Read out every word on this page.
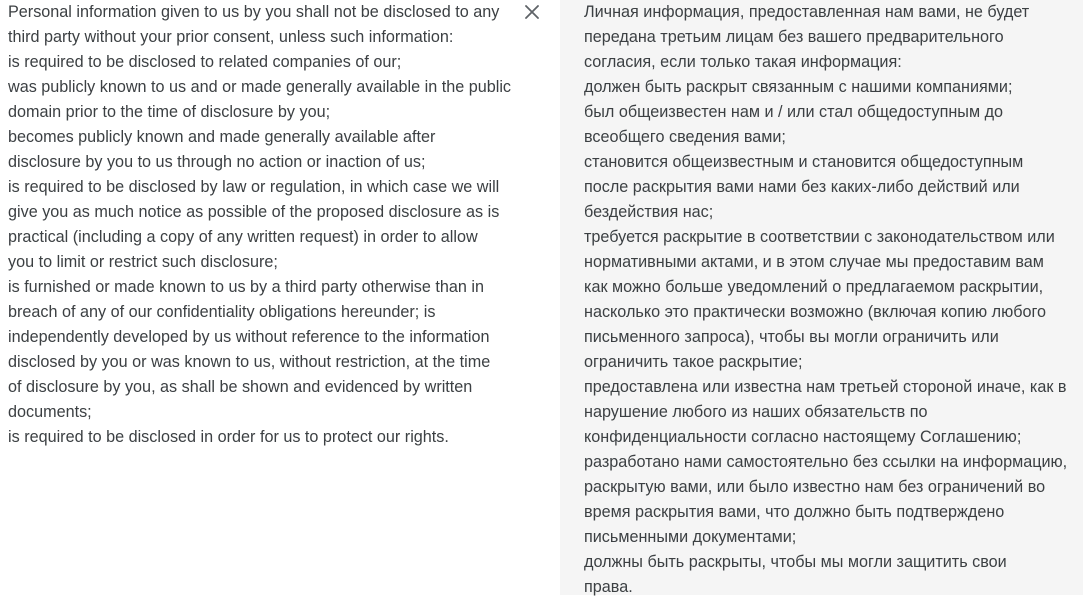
Personal information given to us by you shall not be disclosed to any third party without your prior consent, unless such information: is required to be disclosed to related companies of our; was publicly known to us and or made generally available in the public domain prior to the time of disclosure by you; becomes publicly known and made generally available after disclosure by you to us through no action or inaction of us; is required to be disclosed by law or regulation, in which case we will give you as much notice as possible of the proposed disclosure as is practical (including a copy of any written request) in order to allow you to limit or restrict such disclosure; is furnished or made known to us by a third party otherwise than in breach of any of our confidentiality obligations hereunder; is independently developed by us without reference to the information disclosed by you or was known to us, without restriction, at the time of disclosure by you, as shall be shown and evidenced by written documents; is required to be disclosed in order for us to protect our rights.
Личная информация, предоставленная нам вами, не будет
передана третьим лицам без вашего предварительного
согласия, если только такая информация:
должен быть раскрыт связанным с нашими компаниями;
был общеизвестен нам и / или стал общедоступным до
всеобщего сведения вами;
становится общеизвестным и становится общедоступным
после раскрытия вами нами без каких-либо действий или
бездействия нас;
требуется раскрытие в соответствии с законодательством или
нормативными актами, и в этом случае мы предоставим вам
как можно больше уведомлений о предлагаемом раскрытии,
насколько это практически возможно (включая копию любого
письменного запроса), чтобы вы могли ограничить или
ограничить такое раскрытие;
предоставлена или известна нам третьей стороной иначе, как в
нарушение любого из наших обязательств по
конфиденциальности согласно настоящему Соглашению;
разработано нами самостоятельно без ссылки на информацию,
раскрытую вами, или было известно нам без ограничений во
время раскрытия вами, что должно быть подтверждено
письменными документами;
должны быть раскрыты, чтобы мы могли защитить свои
права.
